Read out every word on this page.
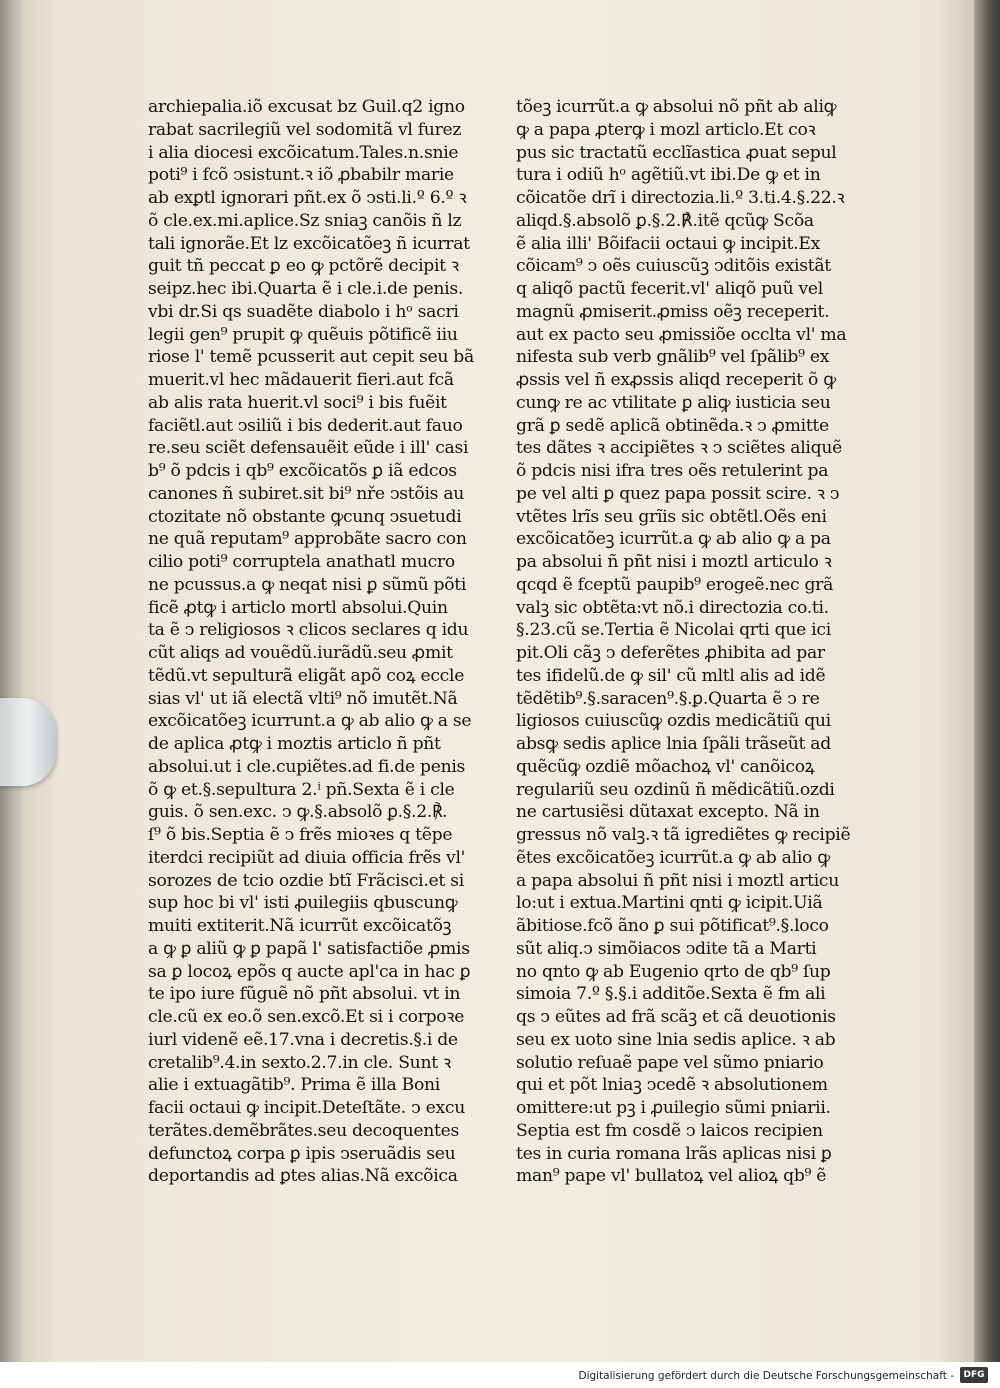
archiepalia.iõ excusat bz Guil.q2 igno
rabat sacrilegiũ vel sodomitã vl furez
i alia diocesi excõicatum.Tales.n.snie
poti⁹ i fcõ ↄsistunt.ꝛ iõ ꝓbabilr marie
ab exꝑtl ignorari pñt.ex õ ↄsti.li.º 6.º ꝛ
õ cle.ex.mi.aplice.Sz sniaꝫ canõis ñ lz
tali ignorãe.Et lz excõicatõeꝫ ñ icurrat
guit tñ peccat ꝑ eo ꝙ pctõrẽ decipit ꝛ
seipz.hec ibi.Quarta ẽ i cle.i.de penis.
vbi dr.Si qs suadẽte diabolo i hᵒ sacri
legii gen⁹ prupit ꝙ quẽuis põtificẽ iiu
riose l' temẽ pcusserit aut cepit seu bã
muerit.vl hec mãdauerit fieri.aut fcã
ab alis rata huerit.vl soci⁹ i bis fuẽit
faciẽtl.aut ↄsiliũ i bis dederit.aut fauo
re.seu sciẽt defensauẽit eũde i ill' casi
b⁹ õ pdcis i qb⁹ excõicatõs ꝑ iã edcos
canones ñ subiret.sit bi⁹ nře ↄstõis au
ctozitate nõ obstante ꝙcunq ↄsuetudi
ne quã reputam⁹ approbãte sacro con
cilio poti⁹ corruptela anathatl mucro
ne pcussus.a ꝙ neqat nisi ꝑ sũmũ põti
ficẽ ꝓtꝙ i articlo mortl absolui.Quin
ta ẽ ↄ religiosos ꝛ clicos seclares q idu
cũt aliqs ad vouẽdũ.iurãdũ.seu ꝓmit
tẽdũ.vt sepulturã eligãt apõ coꝝ eccle
sias vl' ut iã electã vlti⁹ nõ imutẽt.Nã
excõicatõeꝫ icurrunt.a ꝙ ab alio ꝙ a se
de aplica ꝓtꝙ i moztis articlo ñ pñt
absolui.ut i cle.cupiẽtes.ad fi.de penis
õ ꝙ et.§.sepultura 2.ⁱ pñ.Sexta ẽ i cle
guis. õ sen.exc. ↄ ꝙ.§.absolõ ꝑ.§.2.℟.
ſ⁹ õ bis.Septia ẽ ↄ frẽs mioꝛes q tẽpe
iterdci recipiũt ad diuia officia frẽs vl'
sorozes de tcio ozdie btĩ Frãcisci.et si
sup hoc bi vl' isti ꝓuilegiis qbuscunꝙ
muiti extiterit.Nã icurrũt excõicatõꝫ
a ꝙ ꝑ aliũ ꝙ ꝑ papã l' satisfactiõe ꝓmis
sa ꝑ locoꝝ epõs q aucte apl'ca in hac ꝑ
te ipo iure fũguẽ nõ pñt absolui. vt in
cle.cũ ex eo.õ sen.excõ.Et si i corpoꝛe
iurl videnẽ eẽ.17.vna i decretis.§.i de
cretalib⁹.4.in sexto.2.7.in cle. Sunt ꝛ
alie i extuagãtib⁹. Prima ẽ illa Boni
facii octaui ꝙ incipit.Deteſtãte. ↄ excu
terãtes.demẽbrãtes.seu decoquentes
defunctoꝝ corpa ꝑ ipis ↄseruãdis seu
deportandis ad ꝑtes alias.Nã excõica
tõeꝫ icurrũt.a ꝙ absolui nõ pñt ab aliꝙ
ꝙ a papa ꝓterꝙ i mozl articlo.Et coꝛ
pus sic tractatũ ecclĩastica ꝓuat sepul
tura i odiũ hᵒ agẽtiũ.vt ibi.De ꝙ et in
cõicatõe drĩ i directozia.li.º 3.ti.4.§.22.ꝛ
aliqd.§.absolõ ꝑ.§.2.℟.itẽ qcũꝙ Scõa
ẽ alia illi' Bõifacii octaui ꝙ incipit.Ex
cõicam⁹ ↄ oẽs cuiuscũꝫ ↄditõis existãt
q aliqõ pactũ fecerit.vl' aliqõ puũ vel
magnũ ꝓmiserit.ꝓmiss oẽꝫ receperit.
aut ex pacto seu ꝓmissiõe occlta vl' ma
nifesta sub verb gnãlib⁹ vel ſpãlib⁹ ex
ꝓssis vel ñ exꝓssis aliqd receperit õ ꝙ
cunꝙ re ac vtilitate ꝑ aliꝙ iusticia seu
grã ꝑ sedẽ aplicã obtinẽda.ꝛ ↄ ꝓmitte
tes dãtes ꝛ accipiẽtes ꝛ ↄ sciẽtes aliquẽ
õ pdcis nisi ifra tres oẽs retulerint pa
pe vel alti ꝑ quez papa possit scire. ꝛ ↄ
vtẽtes lrĩs seu grĩis sic obtẽtl.Oẽs eni
excõicatõeꝫ icurrũt.a ꝙ ab alio ꝙ a pa
pa absolui ñ pñt nisi i moztl articulo ꝛ
qcqd ẽ fceptũ paupib⁹ erogeẽ.nec grã
valꝫ sic obtẽta:vt nõ.i directozia co.ti.
§.23.cũ se.Tertia ẽ Nicolai qrti que ici
pit.Oli cãꝫ ↄ deferẽtes ꝓhibita ad par
tes ifidelũ.de ꝙ sil' cũ mltl alis ad idẽ
tẽdẽtib⁹.§.saracen⁹.§.ꝑ.Quarta ẽ ↄ re
ligiosos cuiuscũꝙ ozdis medicãtiũ qui
absꝙ sedis aplice lnia ſpãli trãseũt ad
quẽcũꝙ ozdiẽ mõachoꝝ vl' canõicoꝝ
regulariũ seu ozdinũ ñ mẽdicãtiũ.ozdi
ne cartusiẽsi dũtaxat excepto. Nã in
gressus nõ valꝫ.ꝛ tã igrediẽtes ꝙ recipiẽ
ẽtes excõicatõeꝫ icurrũt.a ꝙ ab alio ꝙ
a papa absolui ñ pñt nisi i moztl articu
lo:ut i extua.Martini qnti ꝙ icipit.Uiã
ãbitiose.fcõ ãno ꝑ sui põtificat⁹.§.loco
sũt aliq.ↄ simõiacos ↄdite tã a Marti
no qnto ꝙ ab Eugenio qrto de qb⁹ ſup
simoia 7.º §.§.i additõe.Sexta ẽ fm ali
qs ↄ eũtes ad frã scãꝫ et cã deuotionis
seu ex uoto sine lnia sedis aplice. ꝛ ab
solutio reſuaẽ pape vel sũmo pniario
qui et põt lniaꝫ ↄcedẽ ꝛ absolutionem
omittere:ut pꝫ i ꝓuilegio sũmi pniarii.
Septia est fm cosdẽ ↄ laicos recipien
tes in curia romana lrãs aplicas nisi ꝑ
man⁹ pape vl' bullatoꝝ vel alioꝝ qb⁹ ẽ
Digitalisierung gefördert durch die Deutsche Forschungsgemeinschaft -	DFG
